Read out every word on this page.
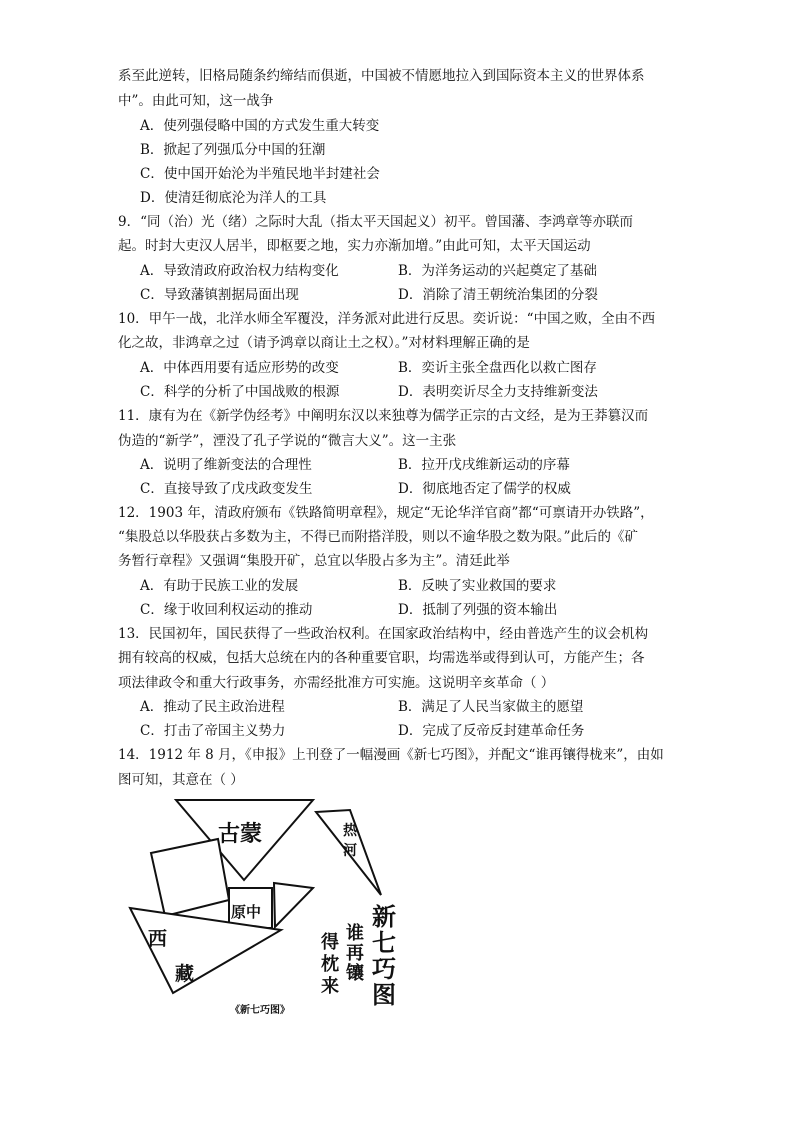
系至此逆转，旧格局随条约缔结而倶逝，中国被不情愿地拉入到国际资本主义的世界体系
中”。由此可知，这一战争
A．使列强侵略中国的方式发生重大转变
B．掀起了列强瓜分中国的狂潮
C．使中国开始沦为半殖民地半封建社会
D．使清廷彻底沦为洋人的工具
9．“同（治）光（绪）之际时大乱（指太平天国起义）初平。曾国藩、李鸿章等亦联而
起。时封大吏汉人居半，即枢要之地，实力亦渐加增。”由此可知，太平天国运动
A．导致清政府政治权力结构变化	B．为洋务运动的兴起奠定了基础
C．导致藩镇割据局面出现	D．消除了清王朝统治集团的分裂
10．甲午一战，北洋水师全军覆没，洋务派对此进行反思。奕䜣说：“中国之败，全由不西
化之故，非鸿章之过（请予鸿章以商让土之权）。”对材料理解正确的是
A．中体西用要有适应形势的改变	B．奕䜣主张全盘西化以救亡图存
C．科学的分析了中国战败的根源	D．表明奕䜣尽全力支持维新变法
11．康有为在《新学伪经考》中阐明东汉以来独尊为儒学正宗的古文经，是为王莽篡汉而
伪造的“新学”，湮没了孔子学说的“微言大义”。这一主张
A．说明了维新变法的合理性	B．拉开戊戌维新运动的序幕
C．直接导致了戊戌政变发生	D．彻底地否定了儒学的权威
12．1903 年，清政府颁布《铁路简明章程》，规定“无论华洋官商”都“可禀请开办铁路”，
“集股总以华股获占多数为主，不得已而附搭洋股，则以不逾华股之数为限。”此后的《矿
务暂行章程》又强调“集股开矿，总宜以华股占多为主”。清廷此举
A．有助于民族工业的发展	B．反映了实业救国的要求
C．缘于收回利权运动的推动	D．抵制了列强的资本输出
13．民国初年，国民获得了一些政治权利。在国家政治结构中，经由普选产生的议会机构
拥有较高的权威，包括大总统在内的各种重要官职，均需选举或得到认可，方能产生；各
项法律政令和重大行政事务，亦需经批准方可实施。这说明辛亥革命（ ）
A．推动了民主政治进程	B．满足了人民当家做主的愿望
C．打击了帝国主义势力	D．完成了反帝反封建革命任务
14．1912 年 8 月，《申报》上刊登了一幅漫画《新七巧图》，并配文“谁再镶得栊来”，由如
图可知，其意在（ ）
古蒙	热
河
原中
西
藏
新
七
巧
图
谁
再
镶
得
枕
来
《新七巧图》
